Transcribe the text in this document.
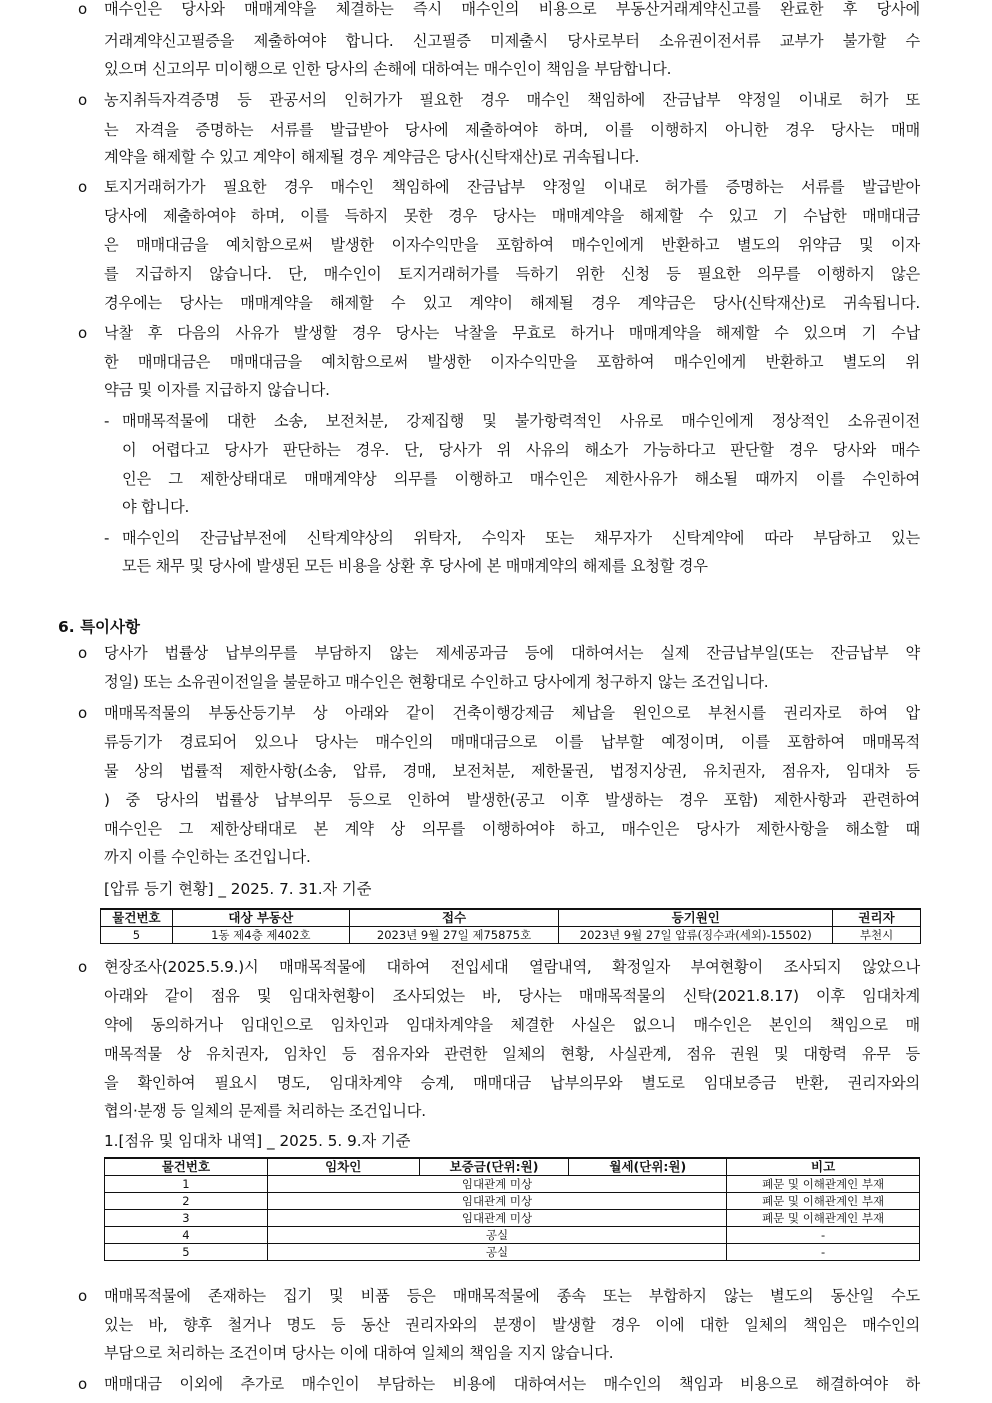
ο 매수인은 당사와 매매계약을 체결하는 즉시 매수인의 비용으로 부동산거래계약신고를 완료한 후 당사에
거래계약신고필증을 제출하여야 합니다. 신고필증 미제출시 당사로부터 소유권이전서류 교부가 불가할 수
있으며 신고의무 미이행으로 인한 당사의 손해에 대하여는 매수인이 책임을 부담합니다.
ο 농지취득자격증명 등 관공서의 인허가가 필요한 경우 매수인 책임하에 잔금납부 약정일 이내로 허가 또
는 자격을 증명하는 서류를 발급받아 당사에 제출하여야 하며, 이를 이행하지 아니한 경우 당사는 매매
계약을 해제할 수 있고 계약이 해제될 경우 계약금은 당사(신탁재산)로 귀속됩니다.
ο 토지거래허가가 필요한 경우 매수인 책임하에 잔금납부 약정일 이내로 허가를 증명하는 서류를 발급받아
당사에 제출하여야 하며, 이를 득하지 못한 경우 당사는 매매계약을 해제할 수 있고 기 수납한 매매대금
은 매매대금을 예치함으로써 발생한 이자수익만을 포함하여 매수인에게 반환하고 별도의 위약금 및 이자
를 지급하지 않습니다. 단, 매수인이 토지거래허가를 득하기 위한 신청 등 필요한 의무를 이행하지 않은
경우에는 당사는 매매계약을 해제할 수 있고 계약이 해제될 경우 계약금은 당사(신탁재산)로 귀속됩니다.
ο 낙찰 후 다음의 사유가 발생할 경우 당사는 낙찰을 무효로 하거나 매매계약을 해제할 수 있으며 기 수납
한 매매대금은 매매대금을 예치함으로써 발생한 이자수익만을 포함하여 매수인에게 반환하고 별도의 위
약금 및 이자를 지급하지 않습니다.
- 매매목적물에 대한 소송, 보전처분, 강제집행 및 불가항력적인 사유로 매수인에게 정상적인 소유권이전
이 어렵다고 당사가 판단하는 경우. 단, 당사가 위 사유의 해소가 가능하다고 판단할 경우 당사와 매수
인은 그 제한상태대로 매매계약상 의무를 이행하고 매수인은 제한사유가 해소될 때까지 이를 수인하여
야 합니다.
- 매수인의 잔금납부전에 신탁계약상의 위탁자, 수익자 또는 채무자가 신탁계약에 따라 부담하고 있는
모든 채무 및 당사에 발생된 모든 비용을 상환 후 당사에 본 매매계약의 해제를 요청할 경우
6. 특이사항
ο 당사가 법률상 납부의무를 부담하지 않는 제세공과금 등에 대하여서는 실제 잔금납부일(또는 잔금납부 약
정일) 또는 소유권이전일을 불문하고 매수인은 현황대로 수인하고 당사에게 청구하지 않는 조건입니다.
ο 매매목적물의 부동산등기부 상 아래와 같이 건축이행강제금 체납을 원인으로 부천시를 권리자로 하여 압
류등기가 경료되어 있으나 당사는 매수인의 매매대금으로 이를 납부할 예정이며, 이를 포함하여 매매목적
물 상의 법률적 제한사항(소송, 압류, 경매, 보전처분, 제한물권, 법정지상권, 유치권자, 점유자, 임대차 등
) 중 당사의 법률상 납부의무 등으로 인하여 발생한(공고 이후 발생하는 경우 포함) 제한사항과 관련하여
매수인은 그 제한상태대로 본 계약 상 의무를 이행하여야 하고, 매수인은 당사가 제한사항을 해소할 때
까지 이를 수인하는 조건입니다.
[압류 등기 현황] _ 2025. 7. 31.자 기준
물건번호	대상 부동산	접수	등기원인	권리자
5	1동 제4층 제402호	2023년 9월 27일 제75875호	2023년 9월 27일 압류(징수과(세외)-15502)	부천시
ο 현장조사(2025.5.9.)시 매매목적물에 대하여 전입세대 열람내역, 확정일자 부여현황이 조사되지 않았으나
아래와 같이 점유 및 임대차현황이 조사되었는 바, 당사는 매매목적물의 신탁(2021.8.17) 이후 임대차계
약에 동의하거나 임대인으로 임차인과 임대차계약을 체결한 사실은 없으니 매수인은 본인의 책임으로 매
매목적물 상 유치권자, 임차인 등 점유자와 관련한 일체의 현황, 사실관계, 점유 권원 및 대항력 유무 등
을 확인하여 필요시 명도, 임대차계약 승계, 매매대금 납부의무와 별도로 임대보증금 반환, 권리자와의
협의·분쟁 등 일체의 문제를 처리하는 조건입니다.
1.[점유 및 임대차 내역] _ 2025. 5. 9.자 기준
물건번호	임차인	보증금(단위:원)	월세(단위:원)	비고
1	임대관계 미상			폐문 및 이해관계인 부재
2	임대관계 미상			폐문 및 이해관계인 부재
3	임대관계 미상			폐문 및 이해관계인 부재
4	공실			-
5	공실			-
ο 매매목적물에 존재하는 집기 및 비품 등은 매매목적물에 종속 또는 부합하지 않는 별도의 동산일 수도
있는 바, 향후 철거나 명도 등 동산 권리자와의 분쟁이 발생할 경우 이에 대한 일체의 책임은 매수인의
부담으로 처리하는 조건이며 당사는 이에 대하여 일체의 책임을 지지 않습니다.
ο 매매대금 이외에 추가로 매수인이 부담하는 비용에 대하여서는 매수인의 책임과 비용으로 해결하여야 하
